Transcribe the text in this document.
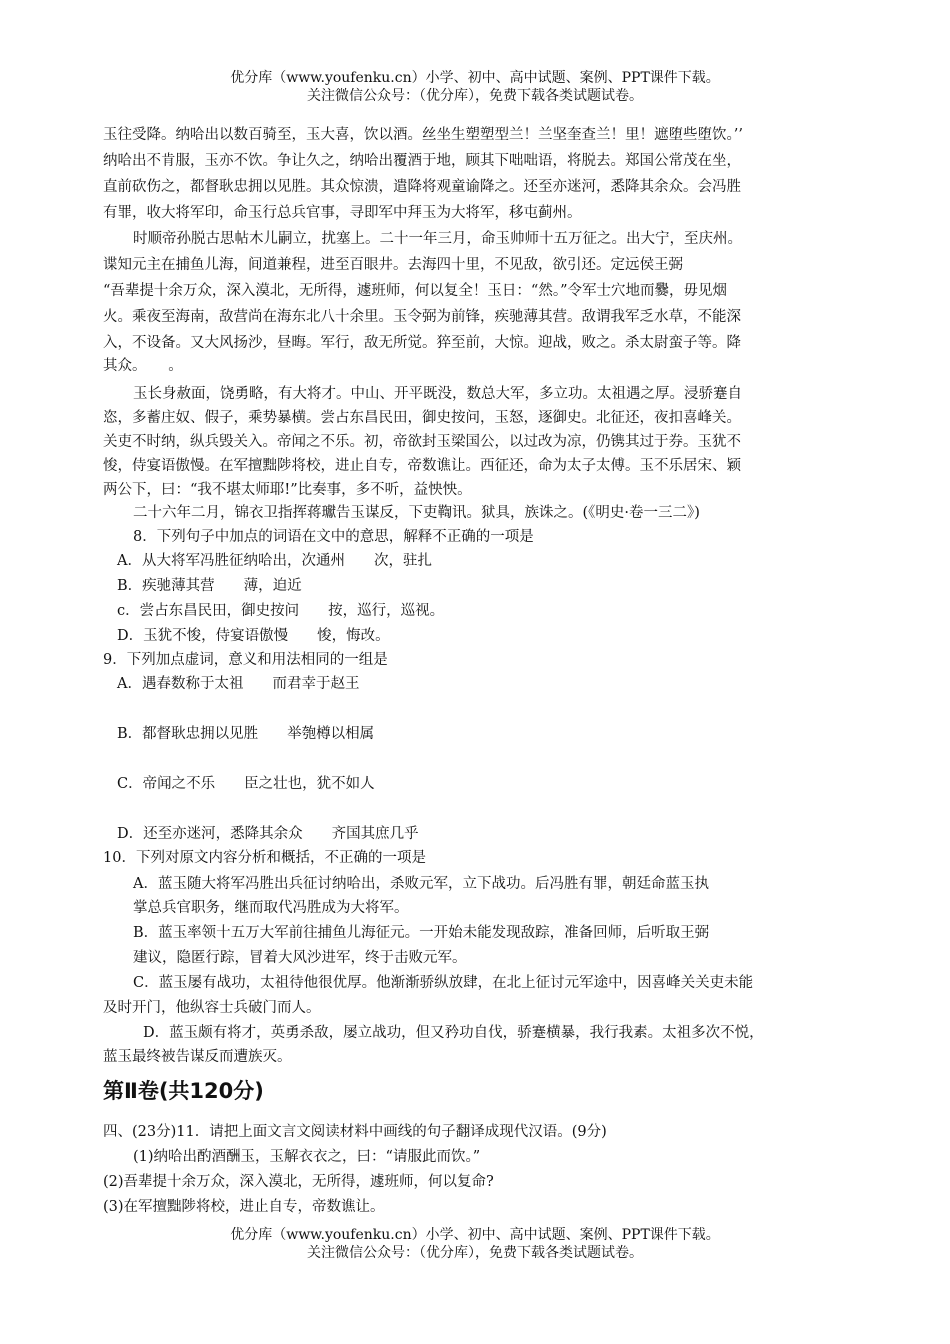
优分库（www.youfenku.cn）小学、初中、高中试题、案例、PPT课件下载。
关注微信公众号：（优分库），免费下载各类试题试卷。
玉往受降。纳哈出以数百骑至，玉大喜，饮以酒。丝坐生塑塑型兰！兰坚奎查兰！里！遮堕些堕饮。’’
纳哈出不肯服，玉亦不饮。争让久之，纳哈出覆酒于地，顾其下咄咄语，将脱去。郑国公常茂在坐，
直前砍伤之，都督耿忠拥以见胜。其众惊溃，遣降将观童谕降之。还至亦迷河，悉降其余众。会冯胜
有罪，收大将军印，命玉行总兵官事，寻即军中拜玉为大将军，移屯蓟州。
时顺帝孙脱古思帖木儿嗣立，扰塞上。二十一年三月，命玉帅师十五万征之。出大宁，至庆州。
谍知元主在捕鱼儿海，间道兼程，进至百眼井。去海四十里，不见敌，欲引还。定远侯王弼
“吾辈提十余万众，深入漠北，无所得，遽班师，何以复全！玉日：“然。”令军士穴地而爨，毋见烟
火。乘夜至海南，敌营尚在海东北八十余里。玉令弼为前锋，疾驰薄其营。敌谓我军乏水草，不能深
入，不设备。又大风扬沙，昼晦。军行，敌无所觉。猝至前，大惊。迎战，败之。杀太尉蛮子等。降
其众。　　。
玉长身赦面，饶勇略，有大将才。中山、开平既没，数总大军，多立功。太祖遇之厚。浸骄蹇自
恣，多蓄庄奴、假子，乘势暴横。尝占东昌民田，御史按问，玉怒，逐御史。北征还，夜扣喜峰关。
关吏不时纳，纵兵毁关入。帝闻之不乐。初，帝欲封玉梁国公，以过改为凉，仍镌其过于券。玉犹不
悛，侍宴语傲慢。在军擅黜陟将校，进止自专，帝数谯让。西征还，命为太子太傅。玉不乐居宋、颖
两公下，曰：“我不堪太师耶!”比奏事，多不听，益怏怏。
二十六年二月，锦衣卫指挥蒋瓛告玉谋反，下吏鞫讯。狱具，族诛之。(《明史·卷一三二》)
8．下列句子中加点的词语在文中的意思，解释不正确的一项是
A．从大将军冯胜征纳哈出，次通州　　次，驻扎
B．疾驰薄其营　　薄，迫近
c．尝占东昌民田，御史按问　　按，巡行，巡视。
D．玉犹不悛，侍宴语傲慢　　悛，悔改。
9．下列加点虚词，意义和用法相同的一组是
A．遇春数称于太祖　　而君幸于赵王
B．都督耿忠拥以见胜　　举匏樽以相属
C．帝闻之不乐　　臣之壮也，犹不如人
D．还至亦迷河，悉降其余众　　齐国其庶几乎
10．下列对原文内容分析和概括，不正确的一项是
A．蓝玉随大将军冯胜出兵征讨纳哈出，杀败元军，立下战功。后冯胜有罪，朝廷命蓝玉执
掌总兵官职务，继而取代冯胜成为大将军。
B．蓝玉率领十五万大军前往捕鱼儿海征元。一开始未能发现敌踪，准备回师，后听取王弼
建议，隐匿行踪，冒着大风沙进军，终于击败元军。
C．蓝玉屡有战功，太祖待他很优厚。他渐渐骄纵放肆，在北上征讨元军途中，因喜峰关关吏未能
及时开门，他纵容士兵破门而人。
D．蓝玉颇有将才，英勇杀敌，屡立战功，但又矜功自伐，骄蹇横暴，我行我素。太祖多次不悦，
蓝玉最终被告谋反而遭族灭。
第Ⅱ卷(共120分)
四、(23分)11．请把上面文言文阅读材料中画线的句子翻译成现代汉语。(9分)
(1)纳哈出酌酒酬玉，玉解衣衣之，曰：“请服此而饮。”
(2)吾辈提十余万众，深入漠北，无所得，遽班师，何以复命?
(3)在军擅黜陟将校，进止自专，帝数谯让。
优分库（www.youfenku.cn）小学、初中、高中试题、案例、PPT课件下载。
关注微信公众号：（优分库），免费下载各类试题试卷。
